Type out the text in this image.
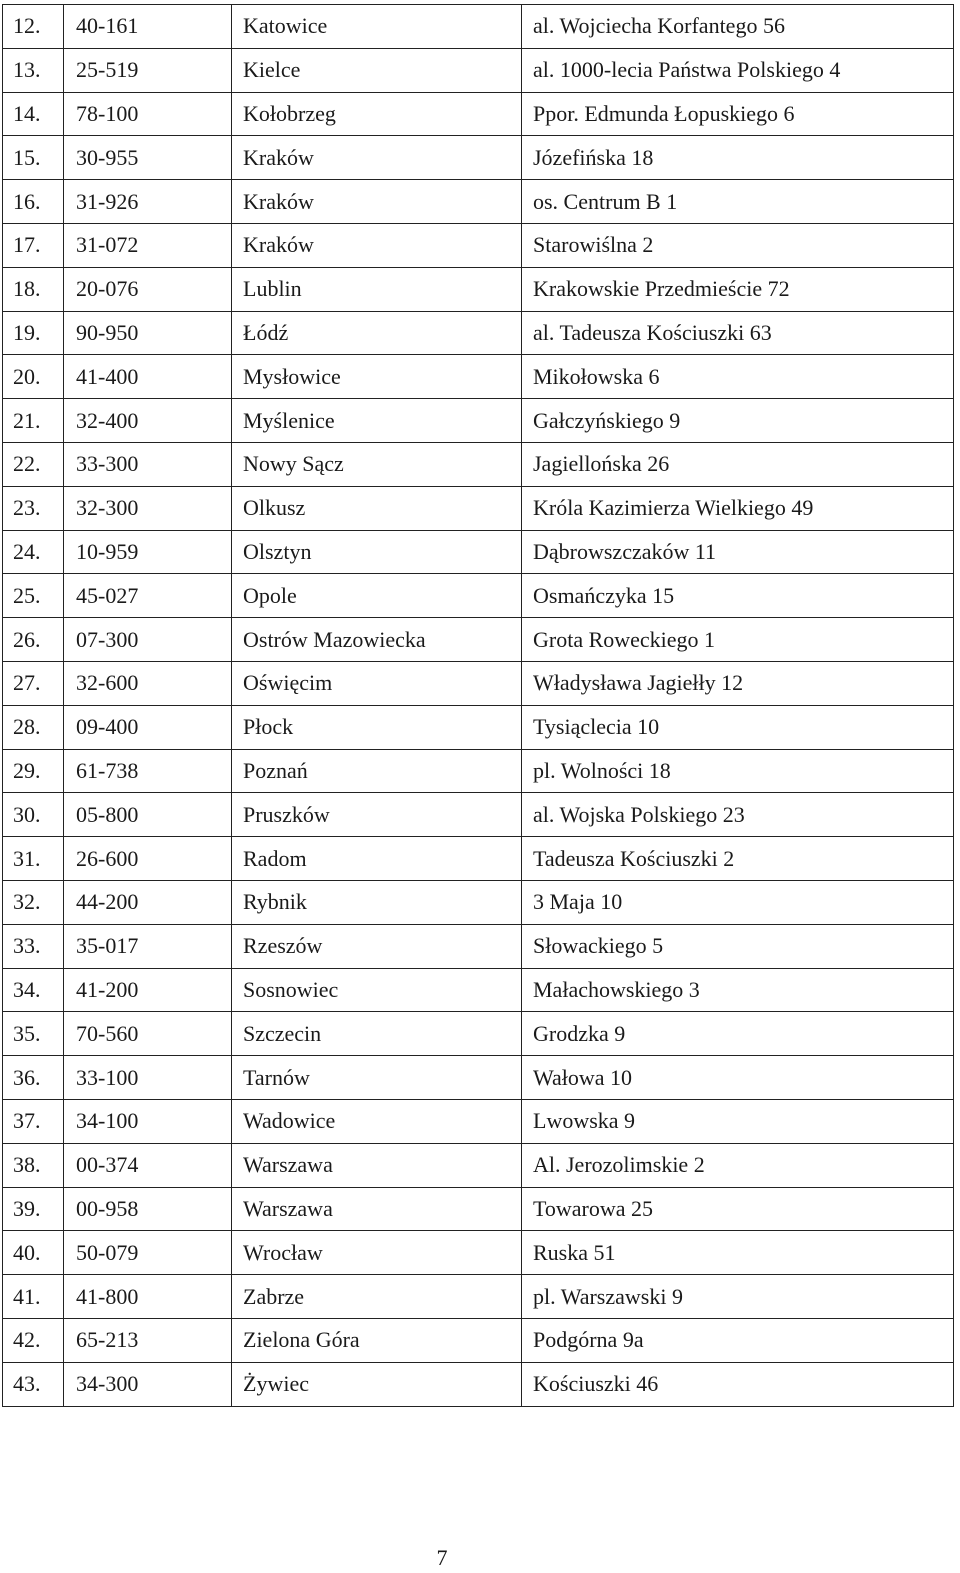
12.	40-161	Katowice	al. Wojciecha Korfantego 56
13.	25-519	Kielce	al. 1000-lecia Państwa Polskiego 4
14.	78-100	Kołobrzeg	Ppor. Edmunda Łopuskiego 6
15.	30-955	Kraków	Józefińska 18
16.	31-926	Kraków	os. Centrum B 1
17.	31-072	Kraków	Starowiślna 2
18.	20-076	Lublin	Krakowskie Przedmieście 72
19.	90-950	Łódź	al. Tadeusza Kościuszki 63
20.	41-400	Mysłowice	Mikołowska 6
21.	32-400	Myślenice	Gałczyńskiego 9
22.	33-300	Nowy Sącz	Jagiellońska 26
23.	32-300	Olkusz	Króla Kazimierza Wielkiego 49
24.	10-959	Olsztyn	Dąbrowszczaków 11
25.	45-027	Opole	Osmańczyka 15
26.	07-300	Ostrów Mazowiecka	Grota Roweckiego 1
27.	32-600	Oświęcim	Władysława Jagiełły 12
28.	09-400	Płock	Tysiąclecia 10
29.	61-738	Poznań	pl. Wolności 18
30.	05-800	Pruszków	al. Wojska Polskiego 23
31.	26-600	Radom	Tadeusza Kościuszki 2
32.	44-200	Rybnik	3 Maja 10
33.	35-017	Rzeszów	Słowackiego 5
34.	41-200	Sosnowiec	Małachowskiego 3
35.	70-560	Szczecin	Grodzka 9
36.	33-100	Tarnów	Wałowa 10
37.	34-100	Wadowice	Lwowska 9
38.	00-374	Warszawa	Al. Jerozolimskie 2
39.	00-958	Warszawa	Towarowa 25
40.	50-079	Wrocław	Ruska 51
41.	41-800	Zabrze	pl. Warszawski 9
42.	65-213	Zielona Góra	Podgórna 9a
43.	34-300	Żywiec	Kościuszki 46
7
